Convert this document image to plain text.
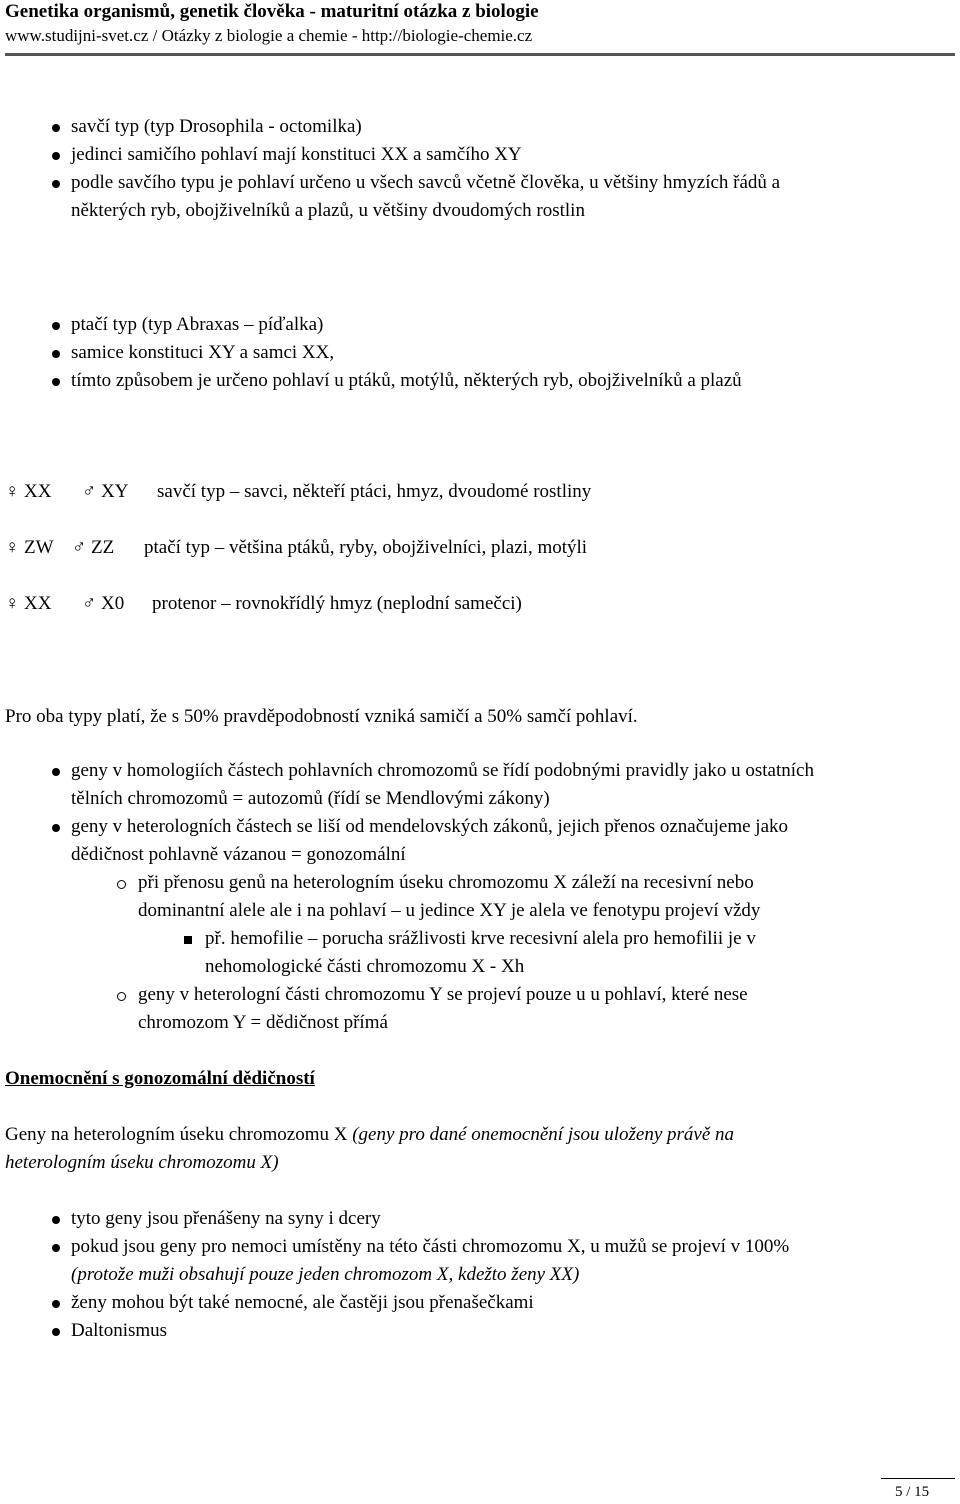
Genetika organismů, genetik člověka - maturitní otázka z biologie
www.studijni-svet.cz / Otázky z biologie a chemie - http://biologie-chemie.cz
savčí typ (typ Drosophila - octomilka)
jedinci samičího pohlaví mají konstituci XX a samčího XY
podle savčího typu je pohlaví určeno u všech savců včetně člověka, u většiny hmyzích řádů a
některých ryb, obojživelníků a plazů, u většiny dvoudomých rostlin
ptačí typ (typ Abraxas – píďalka)
samice konstituci XY a samci XX,
tímto způsobem je určeno pohlaví u ptáků, motýlů, některých ryb, obojživelníků a plazů
♀ XX ♂ XY savčí typ – savci, někteří ptáci, hmyz, dvoudomé rostliny
♀ ZW ♂ ZZ ptačí typ – většina ptáků, ryby, obojživelníci, plazi, motýli
♀ XX ♂ X0 protenor – rovnokřídlý hmyz (neplodní samečci)
Pro oba typy platí, že s 50% pravděpodobností vzniká samičí a 50% samčí pohlaví.
geny v homologiích částech pohlavních chromozomů se řídí podobnými pravidly jako u ostatních
tělních chromozomů = autozomů (řídí se Mendlovými zákony)
geny v heterologních částech se liší od mendelovských zákonů, jejich přenos označujeme jako
dědičnost pohlavně vázanou = gonozomální
při přenosu genů na heterologním úseku chromozomu X záleží na recesivní nebo
dominantní alele ale i na pohlaví – u jedince XY je alela ve fenotypu projeví vždy
př. hemofilie – porucha srážlivosti krve recesivní alela pro hemofilii je v
nehomologické části chromozomu X - Xh
geny v heterologní části chromozomu Y se projeví pouze u u pohlaví, které nese
chromozom Y = dědičnost přímá
Onemocnění s gonozomální dědičností
Geny na heterologním úseku chromozomu X (geny pro dané onemocnění jsou uloženy právě na
heterologním úseku chromozomu X)
tyto geny jsou přenášeny na syny i dcery
pokud jsou geny pro nemoci umístěny na této části chromozomu X, u mužů se projeví v 100%
(protože muži obsahují pouze jeden chromozom X, kdežto ženy XX)
ženy mohou být také nemocné, ale častěji jsou přenašečkami
Daltonismus
5 / 15
